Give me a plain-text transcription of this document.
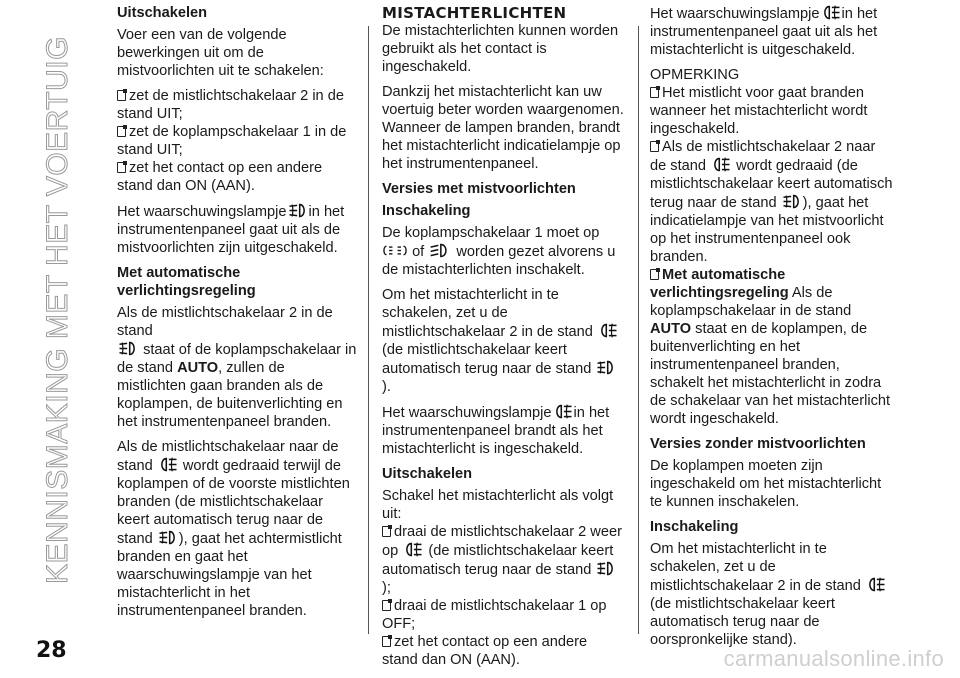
KENNISMAKING MET HET VOERTUIG

Uitschakelen

Voer een van de volgende bewerkingen uit om de mistvoorlichten uit te schakelen:

zet de mistlichtschakelaar 2 in de stand UIT;

zet de koplampschakelaar 1 in de stand UIT;

zet het contact op een andere stand dan ON (AAN).

Het waarschuwingslampje in het instrumentenpaneel gaat uit als de mistvoorlichten zijn uitgeschakeld.

Met automatische verlichtingsregeling

Als de mistlichtschakelaar 2 in de stand
staat of de koplampschakelaar in de stand AUTO, zullen de mistlichten gaan branden als de koplampen, de buitenverlichting en het instrumentenpaneel branden.

Als de mistlichtschakelaar naar de stand wordt gedraaid terwijl de koplampen of de voorste mistlichten branden (de mistlichtschakelaar keert automatisch terug naar de stand ), gaat het achtermistlicht branden en gaat het waarschuwingslampje van het mistachterlicht in het instrumentenpaneel branden.

MISTACHTERLICHTEN

De mistachterlichten kunnen worden gebruikt als het contact is ingeschakeld.

Dankzij het mistachterlicht kan uw voertuig beter worden waargenomen. Wanneer de lampen branden, brandt het mistachterlicht indicatielampje op het instrumentenpaneel.

Versies met mistvoorlichten

Inschakeling

De koplampschakelaar 1 moet op
of worden gezet alvorens u de mistachterlichten inschakelt.

Om het mistachterlicht in te schakelen, zet u de mistlichtschakelaar 2 in de stand  (de mistlichtschakelaar keert automatisch terug naar de stand ).

Het waarschuwingslampje in het instrumentenpaneel brandt als het mistachterlicht is ingeschakeld.

Uitschakelen

Schakel het mistachterlicht als volgt uit:

draai de mistlichtschakelaar 2 weer op (de mistlichtschakelaar keert automatisch terug naar de stand );

draai de mistlichtschakelaar 1 op OFF;

zet het contact op een andere stand dan ON (AAN).

Het waarschuwingslampje in het instrumentenpaneel gaat uit als het mistachterlicht is uitgeschakeld.

OPMERKING

Het mistlicht voor gaat branden wanneer het mistachterlicht wordt ingeschakeld.

Als de mistlichtschakelaar 2 naar de stand wordt gedraaid (de mistlichtschakelaar keert automatisch terug naar de stand ), gaat het indicatielampje van het mistvoorlicht op het instrumentenpaneel ook branden.

Met automatische verlichtingsregeling Als de koplampschakelaar in de stand AUTO staat en de koplampen, de buitenverlichting en het instrumentenpaneel branden, schakelt het mistachterlicht in zodra de schakelaar van het mistachterlicht wordt ingeschakeld.

Versies zonder mistvoorlichten

De koplampen moeten zijn ingeschakeld om het mistachterlicht te kunnen inschakelen.

Inschakeling

Om het mistachterlicht in te schakelen, zet u de mistlichtschakelaar 2 in de stand  (de mistlichtschakelaar keert automatisch terug naar de oorspronkelijke stand).

28	carmanualsonline.info
